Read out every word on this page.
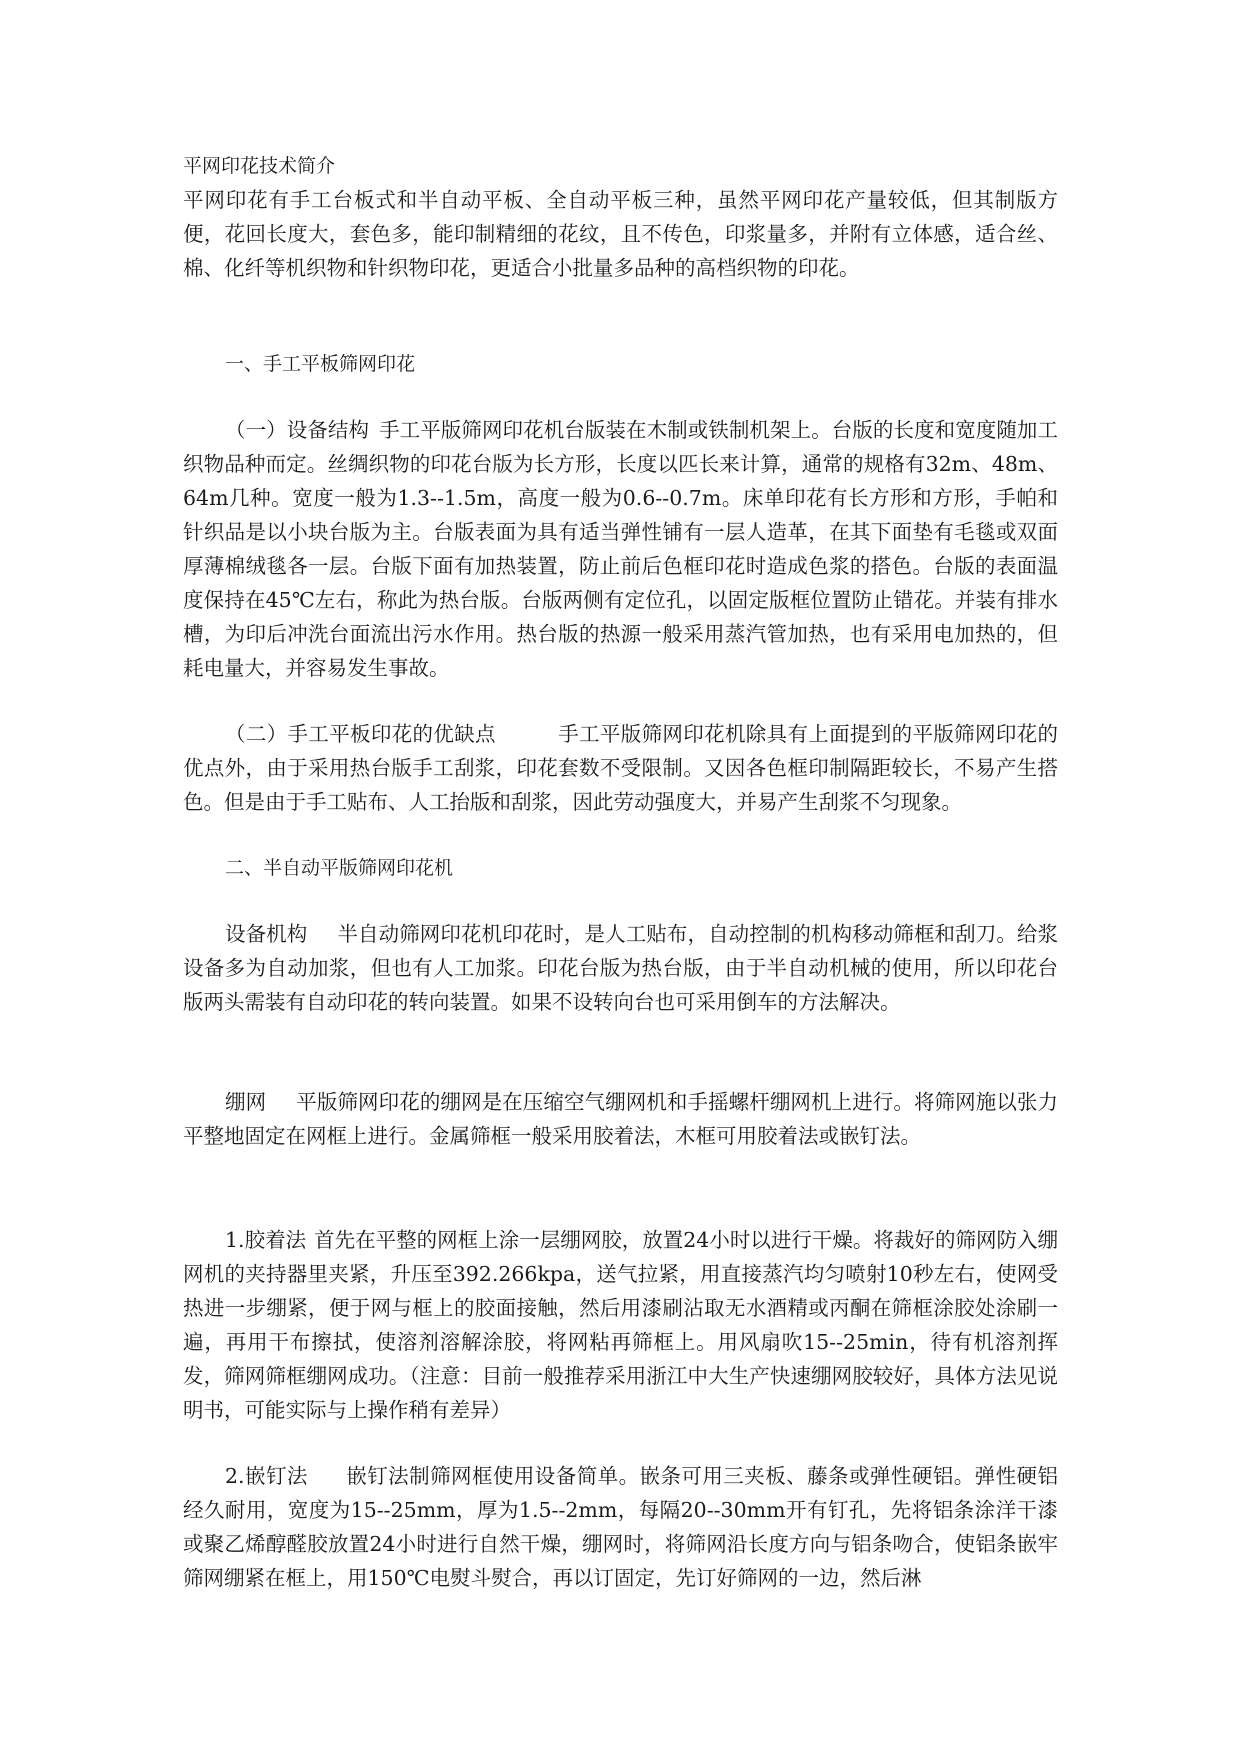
平网印花技术简介

平网印花有手工台板式和半自动平板、全自动平板三种，虽然平网印花产量较低，但其制版方便，花回长度大，套色多，能印制精细的花纹，且不传色，印浆量多，并附有立体感，适合丝、棉、化纤等机织物和针织物印花，更适合小批量多品种的高档织物的印花。

一、手工平板筛网印花

（一）设备结构 手工平版筛网印花机台版装在木制或铁制机架上。台版的长度和宽度随加工织物品种而定。丝绸织物的印花台版为长方形，长度以匹长来计算，通常的规格有32m、48m、64m几种。宽度一般为1.3--1.5m，高度一般为0.6--0.7m。床单印花有长方形和方形，手帕和针织品是以小块台版为主。台版表面为具有适当弹性铺有一层人造革，在其下面垫有毛毯或双面厚薄棉绒毯各一层。台版下面有加热装置，防止前后色框印花时造成色浆的搭色。台版的表面温度保持在45℃左右，称此为热台版。台版两侧有定位孔，以固定版框位置防止错花。并装有排水槽，为印后冲洗台面流出污水作用。热台版的热源一般采用蒸汽管加热，也有采用电加热的，但耗电量大，并容易发生事故。

（二）手工平板印花的优缺点	手工平版筛网印花机除具有上面提到的平版筛网印花的优点外，由于采用热台版手工刮浆，印花套数不受限制。又因各色框印制隔距较长，不易产生搭色。但是由于手工贴布、人工抬版和刮浆，因此劳动强度大，并易产生刮浆不匀现象。

二、半自动平版筛网印花机

设备机构 半自动筛网印花机印花时，是人工贴布，自动控制的机构移动筛框和刮刀。给浆设备多为自动加浆，但也有人工加浆。印花台版为热台版，由于半自动机械的使用，所以印花台版两头需装有自动印花的转向装置。如果不设转向台也可采用倒车的方法解决。

绷网 平版筛网印花的绷网是在压缩空气绷网机和手摇螺杆绷网机上进行。将筛网施以张力平整地固定在网框上进行。金属筛框一般采用胶着法，木框可用胶着法或嵌钉法。

1.胶着法 首先在平整的网框上涂一层绷网胶，放置24小时以进行干燥。将裁好的筛网防入绷网机的夹持器里夹紧，升压至392.266kpa，送气拉紧，用直接蒸汽均匀喷射10秒左右，使网受热进一步绷紧，便于网与框上的胶面接触，然后用漆刷沾取无水酒精或丙酮在筛框涂胶处涂刷一遍，再用干布擦拭，使溶剂溶解涂胶，将网粘再筛框上。用风扇吹15--25min，待有机溶剂挥发，筛网筛框绷网成功。（注意：目前一般推荐采用浙江中大生产快速绷网胶较好，具体方法见说明书，可能实际与上操作稍有差异）

2.嵌钉法 嵌钉法制筛网框使用设备简单。嵌条可用三夹板、藤条或弹性硬铝。弹性硬铝经久耐用，宽度为15--25mm，厚为1.5--2mm，每隔20--30mm开有钉孔，先将铝条涂洋干漆或聚乙烯醇醛胶放置24小时进行自然干燥，绷网时，将筛网沿长度方向与铝条吻合，使铝条嵌牢筛网绷紧在框上，用150℃电熨斗熨合，再以订固定，先订好筛网的一边，然后淋
